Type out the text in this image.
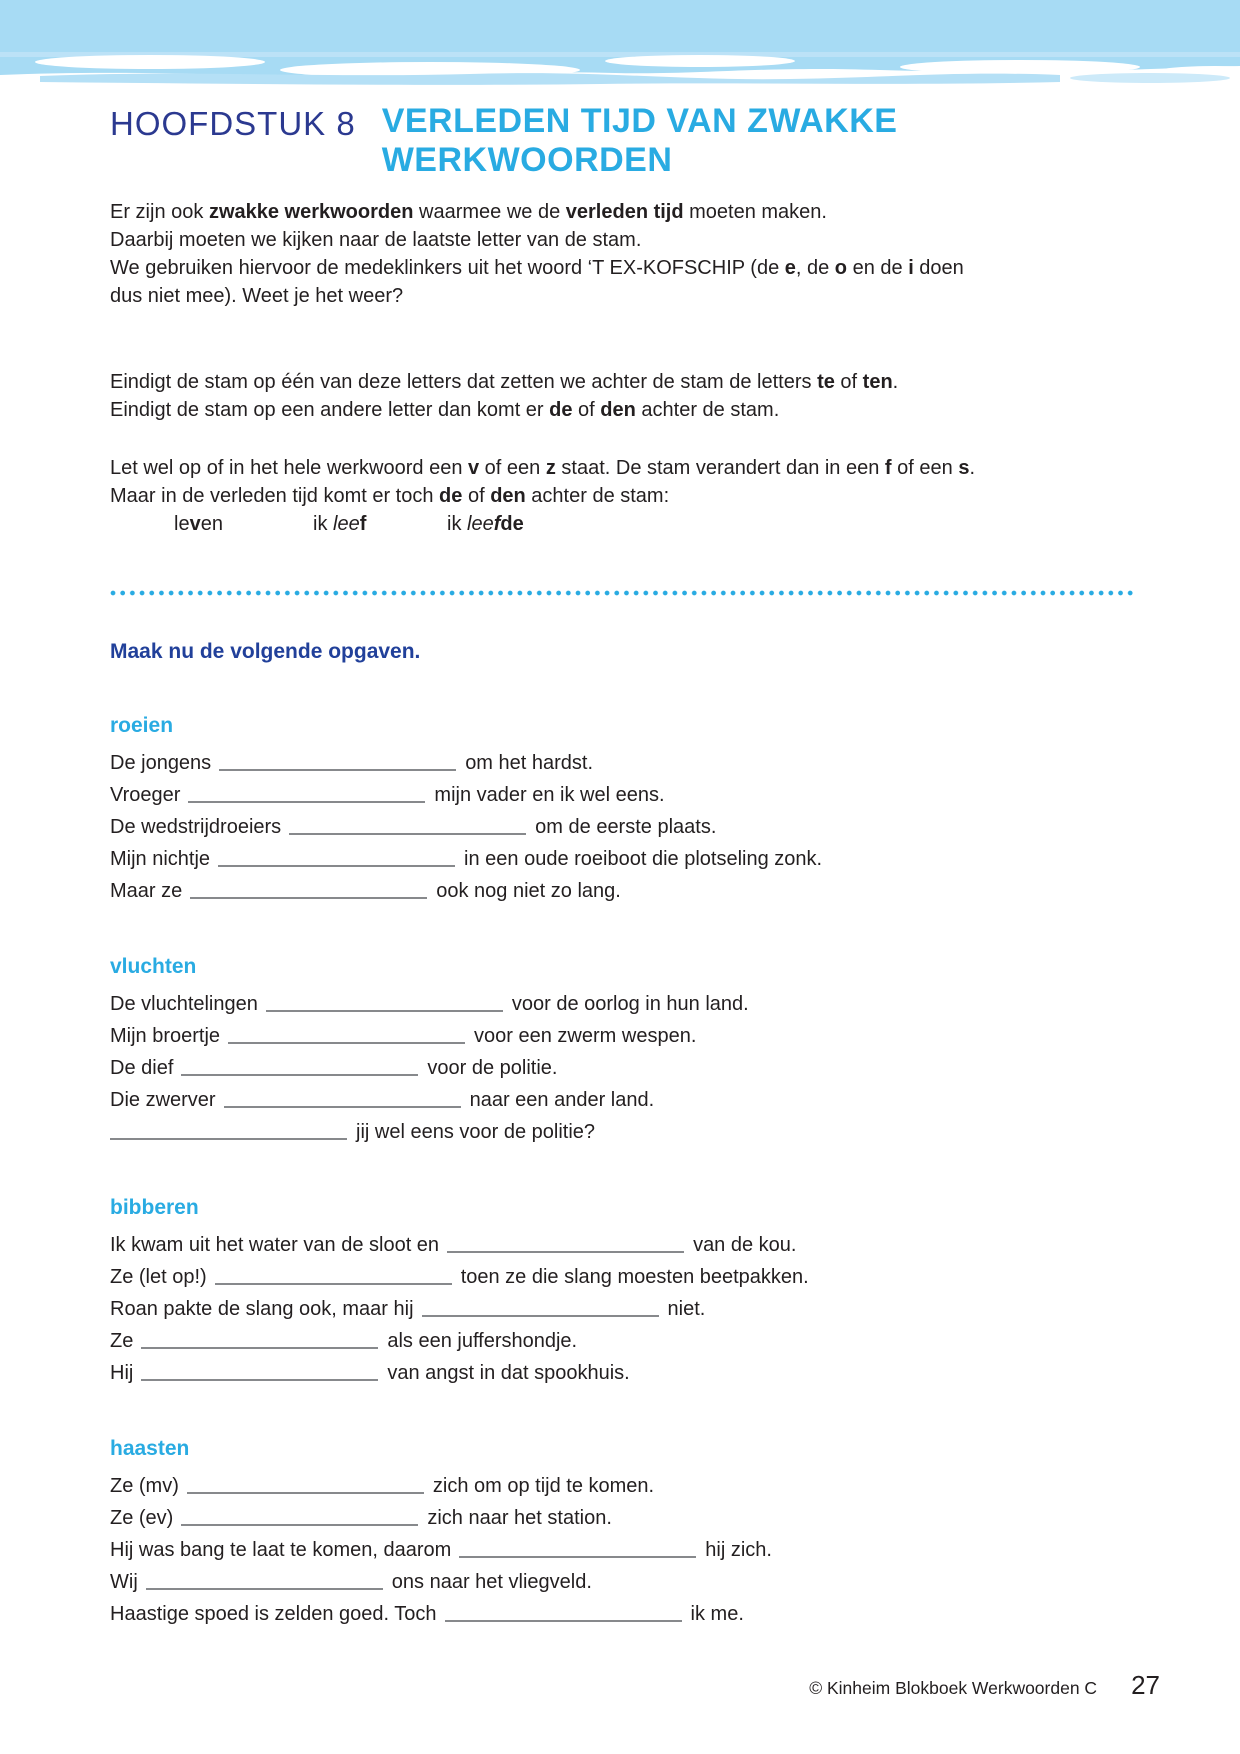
HOOFDSTUK 8 VERLEDEN TIJD VAN ZWAKKE
WERKWOORDEN
Er zijn ook zwakke werkwoorden waarmee we de verleden tijd moeten maken.
Daarbij moeten we kijken naar de laatste letter van de stam.
We gebruiken hiervoor de medeklinkers uit het woord ‘T EX-KOFSCHIP (de e, de o en de i doen
dus niet mee). Weet je het weer?
Eindigt de stam op één van deze letters dat zetten we achter de stam de letters te of ten.
Eindigt de stam op een andere letter dan komt er de of den achter de stam.
Let wel op of in het hele werkwoord een v of een z staat. De stam verandert dan in een f of een s.
Maar in de verleden tijd komt er toch de of den achter de stam:
leven	ik leef	ik leefde
Maak nu de volgende opgaven.
roeien
De jongens	om het hardst.
Vroeger	mijn vader en ik wel eens.
De wedstrijdroeiers	om de eerste plaats.
Mijn nichtje	in een oude roeiboot die plotseling zonk.
Maar ze	ook nog niet zo lang.
vluchten
De vluchtelingen	voor de oorlog in hun land.
Mijn broertje	voor een zwerm wespen.
De dief	voor de politie.
Die zwerver	naar een ander land.
jij wel eens voor de politie?
bibberen
Ik kwam uit het water van de sloot en	van de kou.
Ze (let op!)	toen ze die slang moesten beetpakken.
Roan pakte de slang ook, maar hij	niet.
Ze	als een juffershondje.
Hij	van angst in dat spookhuis.
haasten
Ze (mv)	zich om op tijd te komen.
Ze (ev)	zich naar het station.
Hij was bang te laat te komen, daarom	hij zich.
Wij	ons naar het vliegveld.
Haastige spoed is zelden goed. Toch	ik me.
© Kinheim Blokboek Werkwoorden C 27
